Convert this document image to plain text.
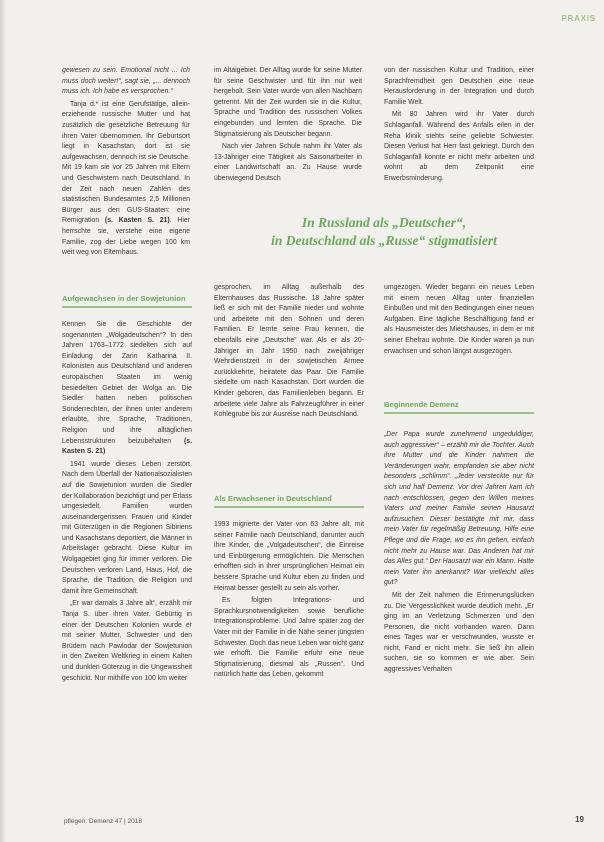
PRAXIS

gewesen zu sein. Emotional nicht ... Ich muss doch weiter!“, sagt sie, „... dennoch muss ich. Ich habe es versprochen.“

Tanja d.* ist eine Gerufstätige, allein-erziehende russische Mutter und hat zusätzlich die gesetzliche Betreuung für ihren Vater übernommen. Ihr Geburtsort liegt in Kasachstan, dort ist sie aufgewachsen, dennoch ist sie Deutsche. Mit 19 kam sie vor 25 Jahren mit Eltern und Geschwistern nach Deutschland. In der Zeit nach neuen Zahlen des statistischen Bundesamtes 2,5 Millionen Bürger aus den GUS-Staaten: eine Remigration (s. Kasten S. 21). Hier herrschte sie, verstehe eine eigene Familie, zog der Liebe wegen 100 km weit weg von Elternhaus.

Aufgewachsen in der Sowjetunion

Kennen Sie die Geschichte der sogenannten „Wolgadeutschen“? In den Jahren 1763–1772 siedelten sich auf Einladung der Zarin Katharina II. Kolonisten aus Deutschland und anderen europäischen Staaten im wenig besiedelten Gebiet der Wolga an. Die Siedler hatten neben politischen Sonderrechten, der ihnen unter anderem erlaubte, ihre Sprache, Traditionen, Religion und ihre alltäglichen Lebensstrukturen beizubehalten (s. Kasten S. 21)

1941 wurde dieses Leben zerstört. Nach dem Überfall der Nationalsozialisten auf die Sowjetunion wurden die Siedler der Kollaboration bezichtigt und per Erlass umgesiedelt. Familien wurden auseinandergerissen. Frauen und Kinder mit Güterzügen in die Regionen Sibiriens und Kasachstans deportiert, die Männer in Arbeitslager gebracht. Diese Kultur im Wolgagebiet ging für immer verloren. Die Deutschen verloren Land, Haus, Hof, die Sprache, die Tradition, die Religion und damit ihre Gemeinschaft.

„Er war damals 3 Jahre alt“, erzählt mir Tanja S. über ihren Vater. Gebürtig in einer der Deutschen Kolonien wurde er mit seiner Mutter, Schwester und den Brüdern nach Pawlodar der Sowjetunion in den Zweiten Weltkrieg in einem Kalten und dunklen Güterzug in die Ungewissheit geschickt. Nur mithilfe von 100 km weiter

im Altaigebiet. Der Alltag wurde für seine Mutter für seine Geschwister und für ihn nur weit hergeholt. Sein Vater wurde von allen Nachbarn getrennt. Mit der Zeit wurden sie in die Kultur, Sprache und Tradition des russischen Volkes eingebunden und lernten die Sprache. Die Stigmatisierung als Deutscher begann.

Nach vier Jahren Schule nahm ihr Vater als 13-Jähriger eine Tätigkeit als Saisonarbeiter in einer Landwirtschaft an. Zu Hause wurde überwiegend Deutsch

von der russischen Kultur und Tradition, einer Sprachfremdheit gen Deutschen eine neue Herausforderung in der Integration und durch Familie Welt.

Mit 80 Jahren wird ihr Vater durch Schlaganfall. Während des Anfalls eilen in der Reha klinik stehts seine geliebte Schwester. Diesen Verlust hat Herr fast gekriegt. Durch den Schlaganfall konnte er nicht mehr arbeiten und wohnt ab dem Zeitpunkt eine Erwerbsminderung.

In Russland als „Deutscher“,
in Deutschland als „Russe“ stigmatisiert

gesprochen, im Alltag außerhalb des Elternhauses das Russische. 18 Jahre später ließ er sich mit der Familie nieder und wohnte und arbeitete mit den Söhnen und deren Familien. Er lernte seine Frau kennen, die ebenfalls eine „Deutsche“ war. Als er als 20-Jähriger im Jahr 1950 nach zweijähriger Wehrdienstzeit in der sowjetischen Armee zurückkehrte, heiratete das Paar. Die Familie siedelte um nach Kasachstan. Dort wurden die Kinder geboren, das Familienleben begann. Er arbeitete viele Jahre als Fahrzeugführer in einer Kohlegrube bis zur Ausreise nach Deutschland.

Als Erwachsener in Deutschland

1993 migrierte der Vater von 63 Jahre alt, mit seiner Familie nach Deutschland, darunter auch ihre Kinder, die „Volgadeutschen“, die Einreise und Einbürgerung ermöglichten. Die Menschen erhofften sich in ihrer ursprünglichen Heimat ein bessere Sprache und Kultur eben zu finden und Heimat besser gestellt zu sein als vorher.

Es folgten Integrations- und Sprachkursnotwendigkeiten sowie berufliche Integrationsprobleme. Und Jahre später zog der Vater mit der Familie in die Nähe seiner jüngsten Schwester. Doch das neue Leben war nicht ganz wie erhofft. Die Familie erfuhr eine neue Stigmatisierung, diesmal als „Russen“. Und natürlich hatte das Leben, gekommt

umgezogen. Wieder begann ein neues Leben mit einem neuen Alltag unter finanziellen Einbußen und mit den Bedingungen einer neuen Aufgaben. Eine tägliche Beschäftigung fand er als Hausmeister des Mietshauses, in dem er mit seiner Ehefrau wohnte. Die Kinder waren ja nun erwachsen und schon längst ausgezogen.

Beginnende Demenz

„Der Papa wurde zunehmend ungeduldiger, auch aggressiver“ – erzählt mir die Tochter. Auch ihre Mutter und die Kinder nahmen die Veränderungen wahr, empfanden sie aber nicht besonders „schlimm“. „Jeder versteckte nur für sich und half Demenz. Vor drei Jahren kam ich nach entschlossen, gegen den Willen meines Vaters und meiner Familie seinen Hausarzt aufzusuchen. Dieser bestätigte mit mir, dass mein Vater für regelmäßig Betreuung, Hilfe eine Pflege und die Frage, wo es ihn gehen, einfach nicht mehr zu Hause war. Das Anderen hat mir das Alles gut.“ Der Hausarzt war ein Mann. Hatte mein Vater ihn anerkannt? War vielleicht alles gut?

Mit der Zeit nahmen die Erinnerungslücken zu. Die Vergesslichkeit wurde deutlich mehr. „Er ging im an Verletzung Schmerzen und den Personen, die nicht vorhanden waren. Dann eines Tages war er verschwunden, wusste er nicht, Fand er nicht mehr. Sie ließ ihn allein suchen, sie so kommen er wie aber. Sein aggressives Verhalten

pflegen: Demenz 47 | 2018	19
